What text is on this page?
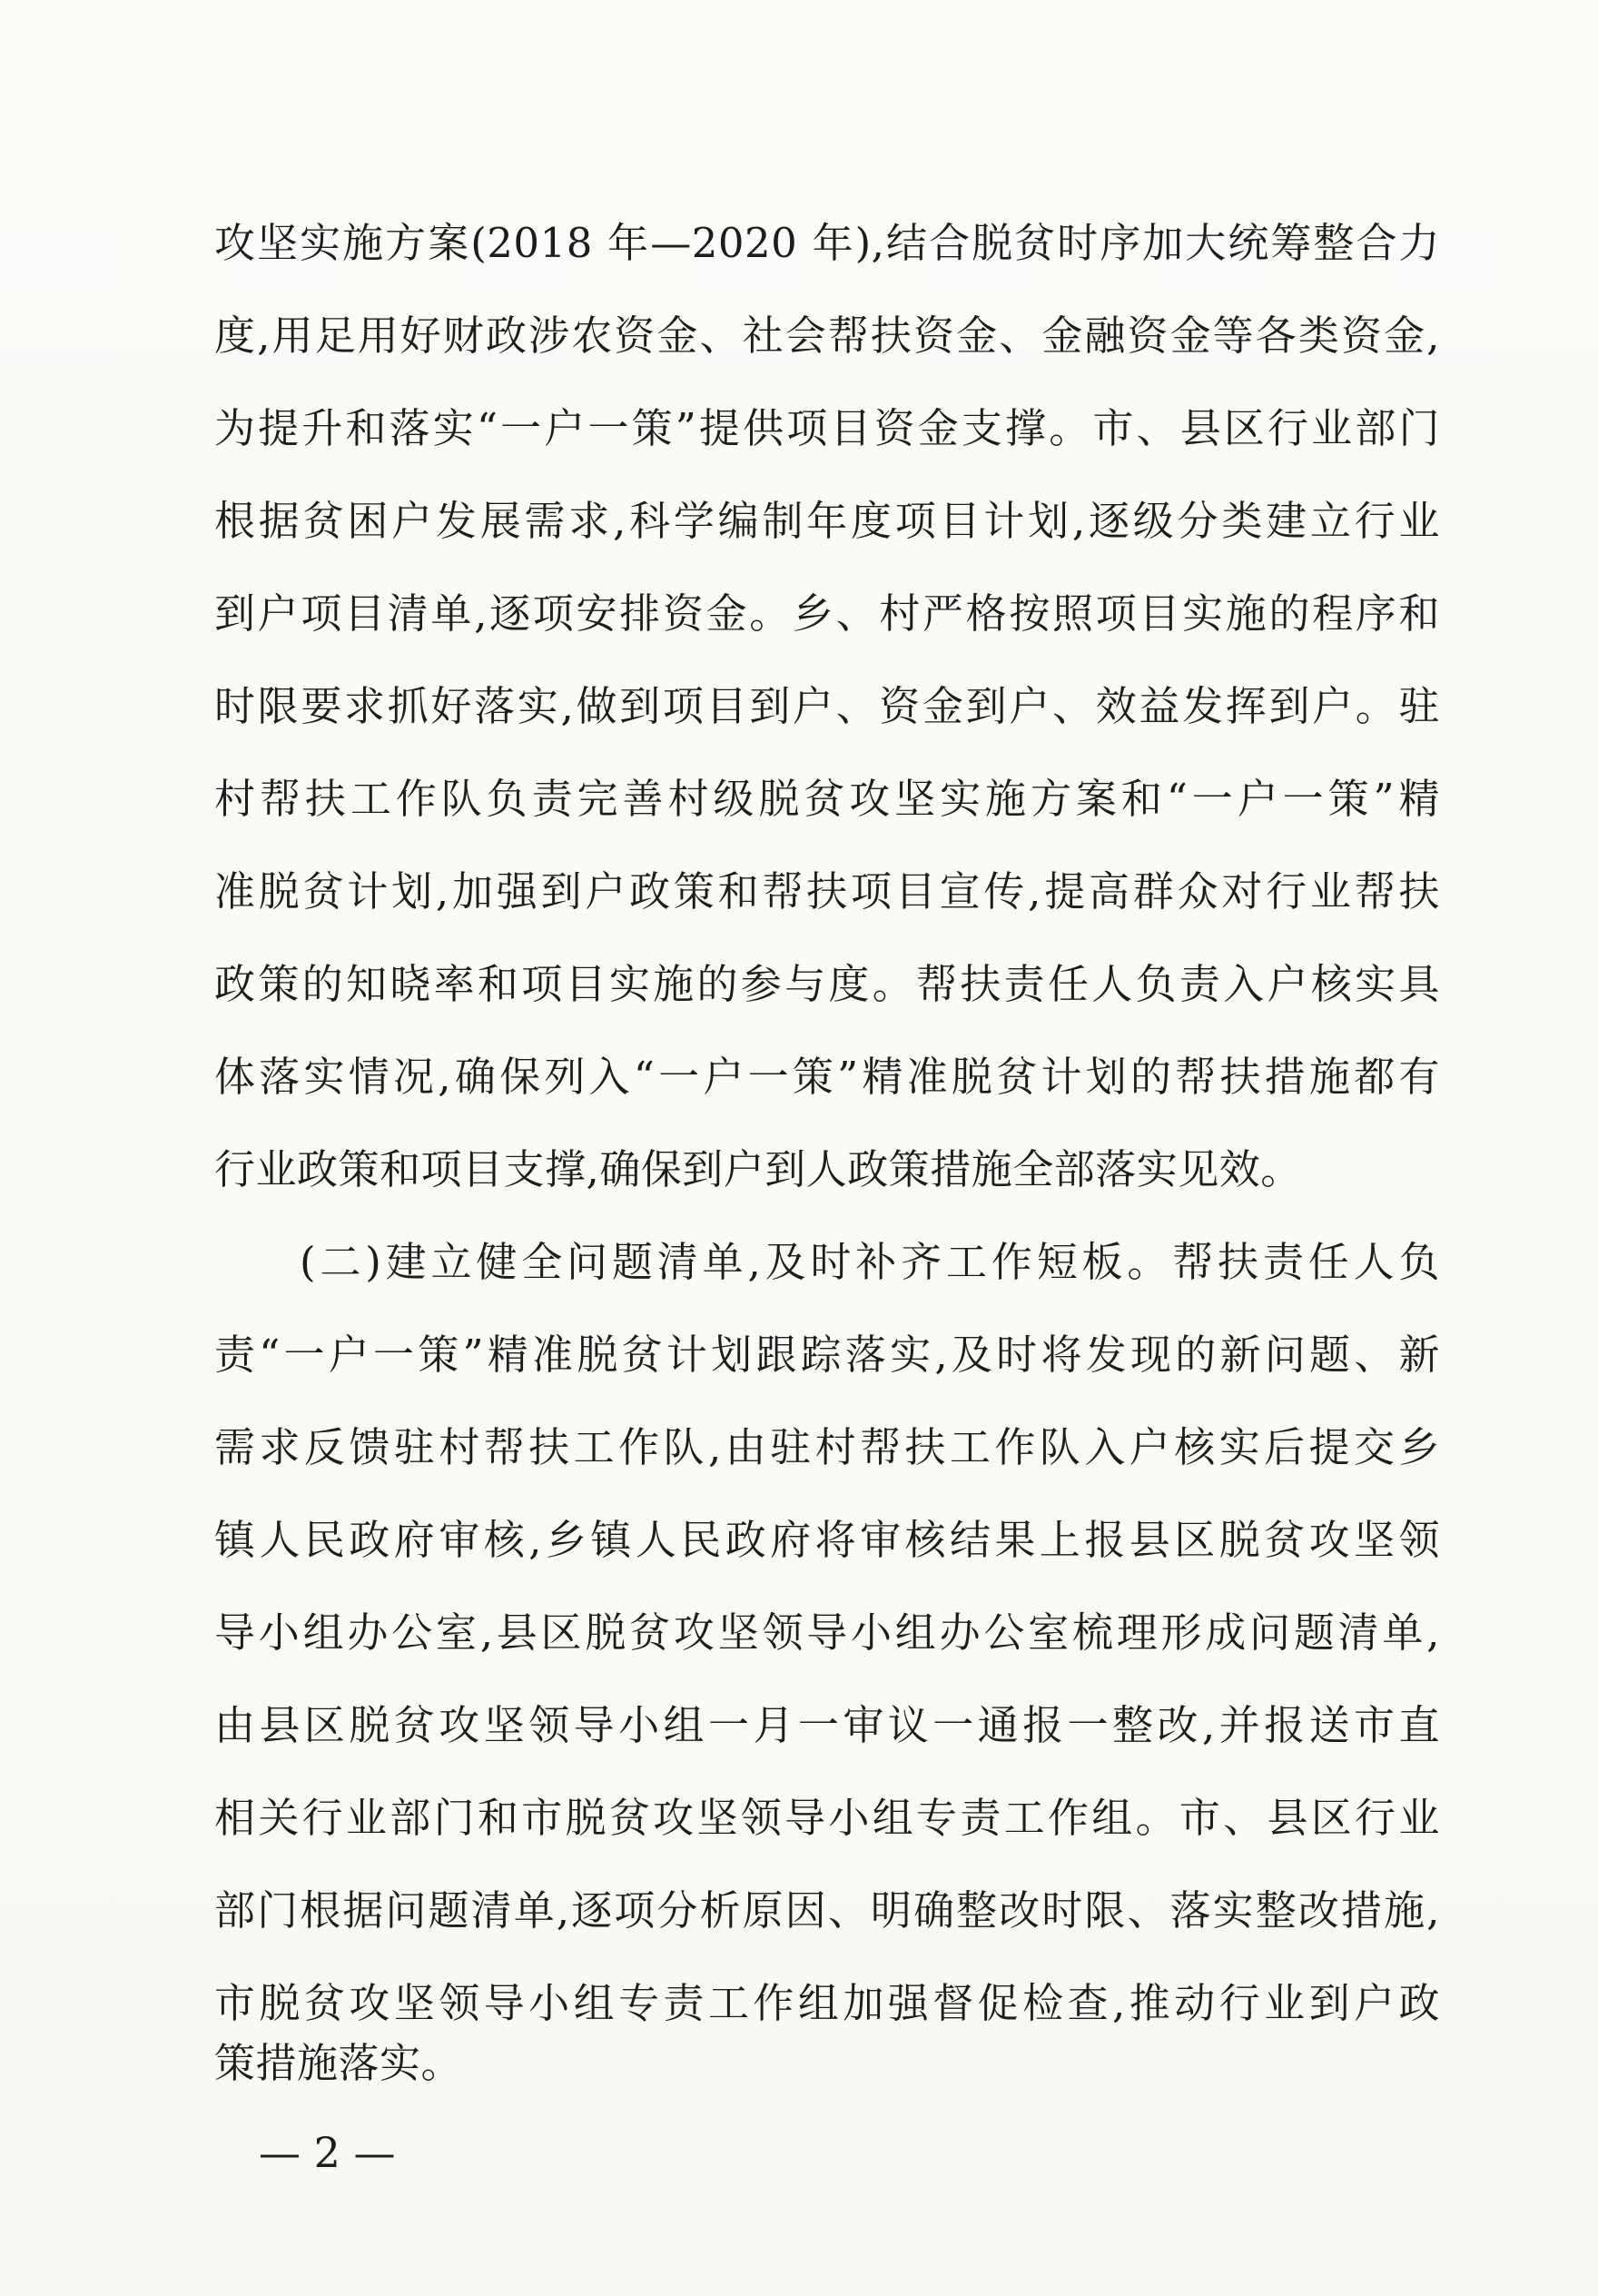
攻坚实施方案(2018 年—2020 年),结合脱贫时序加大统筹整合力
度,用足用好财政涉农资金、社会帮扶资金、金融资金等各类资金,
为提升和落实“一户一策”提供项目资金支撑。市、县区行业部门
根据贫困户发展需求,科学编制年度项目计划,逐级分类建立行业
到户项目清单,逐项安排资金。乡、村严格按照项目实施的程序和
时限要求抓好落实,做到项目到户、资金到户、效益发挥到户。驻
村帮扶工作队负责完善村级脱贫攻坚实施方案和“一户一策”精
准脱贫计划,加强到户政策和帮扶项目宣传,提高群众对行业帮扶
政策的知晓率和项目实施的参与度。帮扶责任人负责入户核实具
体落实情况,确保列入“一户一策”精准脱贫计划的帮扶措施都有
行业政策和项目支撑,确保到户到人政策措施全部落实见效。
(二)建立健全问题清单,及时补齐工作短板。帮扶责任人负
责“一户一策”精准脱贫计划跟踪落实,及时将发现的新问题、新
需求反馈驻村帮扶工作队,由驻村帮扶工作队入户核实后提交乡
镇人民政府审核,乡镇人民政府将审核结果上报县区脱贫攻坚领
导小组办公室,县区脱贫攻坚领导小组办公室梳理形成问题清单,
由县区脱贫攻坚领导小组一月一审议一通报一整改,并报送市直
相关行业部门和市脱贫攻坚领导小组专责工作组。市、县区行业
部门根据问题清单,逐项分析原因、明确整改时限、落实整改措施,
市脱贫攻坚领导小组专责工作组加强督促检查,推动行业到户政
策措施落实。
— 2 —
